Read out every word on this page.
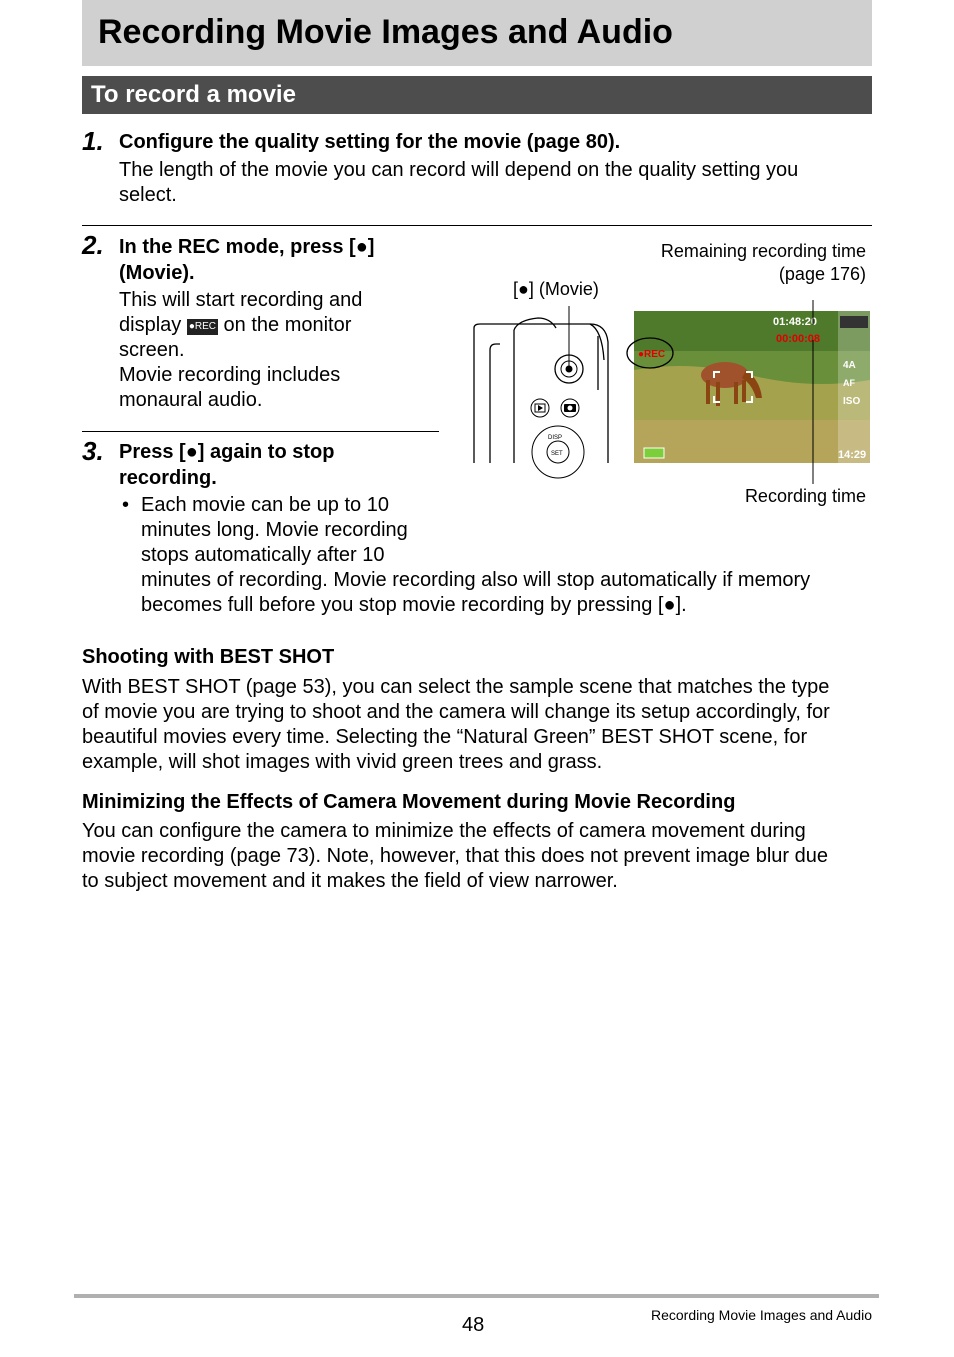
Recording Movie Images and Audio
To record a movie
1. Configure the quality setting for the movie (page 80).
The length of the movie you can record will depend on the quality setting you
select.
2. In the REC mode, press [●]
(Movie).
This will start recording and
display ●REC on the monitor
screen.
Movie recording includes
monaural audio.
3. Press [●] again to stop
recording.
• Each movie can be up to 10
minutes long. Movie recording
stops automatically after 10
minutes of recording. Movie recording also will stop automatically if memory
becomes full before you stop movie recording by pressing [●].
Remaining recording time
(page 176)
[●] (Movie)
Recording time
DISP
SET
01:48:20
00:00:08
●REC
4A
AF
ISO
14:29
Shooting with BEST SHOT
With BEST SHOT (page 53), you can select the sample scene that matches the type
of movie you are trying to shoot and the camera will change its setup accordingly, for
beautiful movies every time. Selecting the “Natural Green” BEST SHOT scene, for
example, will shot images with vivid green trees and grass.
Minimizing the Effects of Camera Movement during Movie Recording
You can configure the camera to minimize the effects of camera movement during
movie recording (page 73). Note, however, that this does not prevent image blur due
to subject movement and it makes the field of view narrower.
48	Recording Movie Images and Audio
